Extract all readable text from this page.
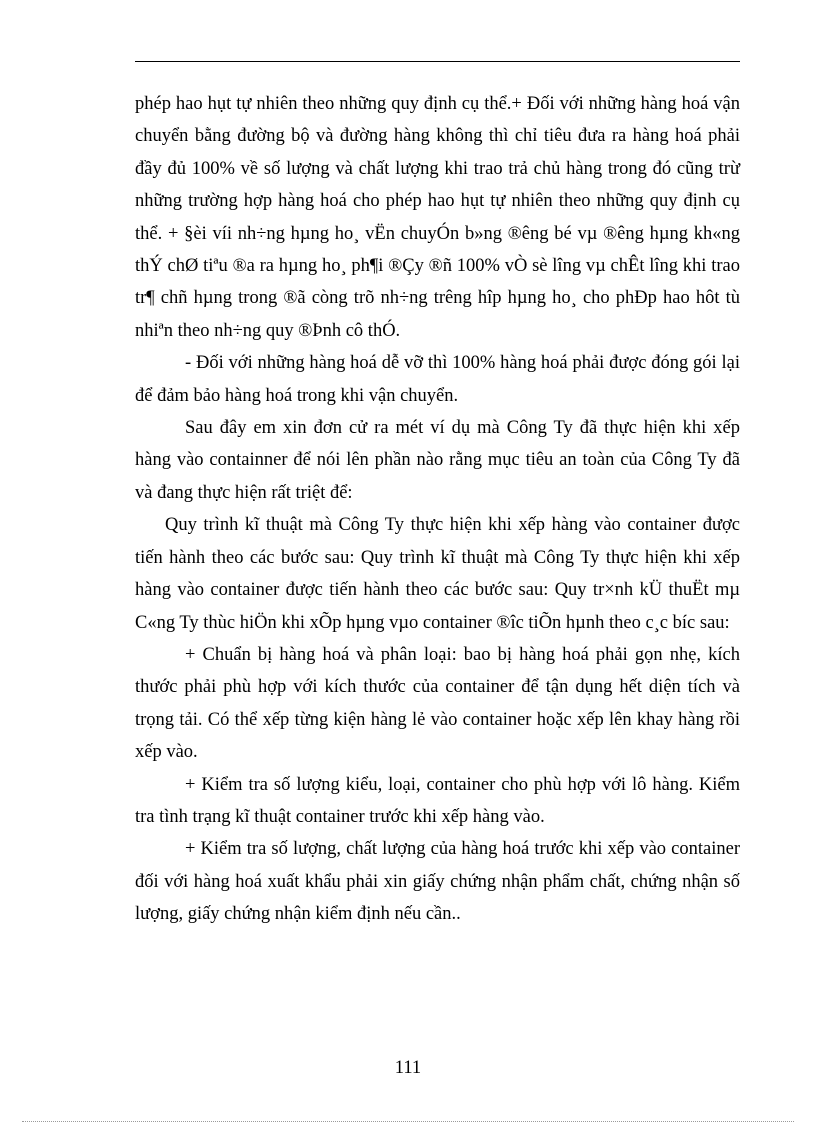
phép hao hụt tự nhiên theo những quy định cụ thể.+ Đối với những hàng hoá vận chuyển bằng đường bộ và đường hàng không thì chỉ tiêu đưa ra hàng hoá phải đầy đủ 100% về số lượng và chất lượng khi trao trả chủ hàng trong đó cũng trừ những trường hợp hàng hoá cho phép hao hụt tự nhiên theo những quy định cụ thể. + §èi víi nh÷ng hµng ho¸ vËn chuyÓn b»ng ®êng bé vµ ®êng hµng kh«ng thÝ chØ tiªu ®a ra hµng ho¸ ph¶i ®Çy ®ñ 100% vÒ sè lîng vµ chÊt lîng khi trao tr¶ chñ hµng trong ®ã còng trõ nh÷ng trêng hîp hµng ho¸ cho phÐp hao hôt tù nhiªn theo nh÷ng quy ®Þnh cô thÓ.

- Đối với những hàng hoá dễ vỡ thì 100% hàng hoá phải được đóng gói lại để đảm bảo hàng hoá trong khi vận chuyển.

Sau đây em xin đơn cử ra mét ví dụ mà Công Ty đã thực hiện khi xếp hàng vào containner để nói lên phần nào rằng mục tiêu an toàn của Công Ty đã và đang thực hiện rất triệt để:

Quy trình kĩ thuật mà Công Ty thực hiện khi xếp hàng vào container được tiến hành theo các bước sau: Quy trình kĩ thuật mà Công Ty thực hiện khi xếp hàng vào container được tiến hành theo các bước sau: Quy tr×nh kÜ thuËt mµ C«ng Ty thùc hiÖn khi xÕp hµng vµo container ®îc tiÕn hµnh theo c¸c bíc sau:

+ Chuẩn bị hàng hoá và phân loại: bao bị hàng hoá phải gọn nhẹ, kích thước phải phù hợp với kích thước của container để tận dụng hết diện tích và trọng tải. Có thể xếp từng kiện hàng lẻ vào container hoặc xếp lên khay hàng rồi xếp vào.

+ Kiểm tra số lượng kiểu, loại, container cho phù hợp với lô hàng. Kiểm tra tình trạng kĩ thuật container trước khi xếp hàng vào.

+ Kiểm tra số lượng, chất lượng của hàng hoá trước khi xếp vào container đối với hàng hoá xuất khẩu phải xin giấy chứng nhận phẩm chất, chứng nhận số lượng, giấy chứng nhận kiểm định nếu cần..

111
